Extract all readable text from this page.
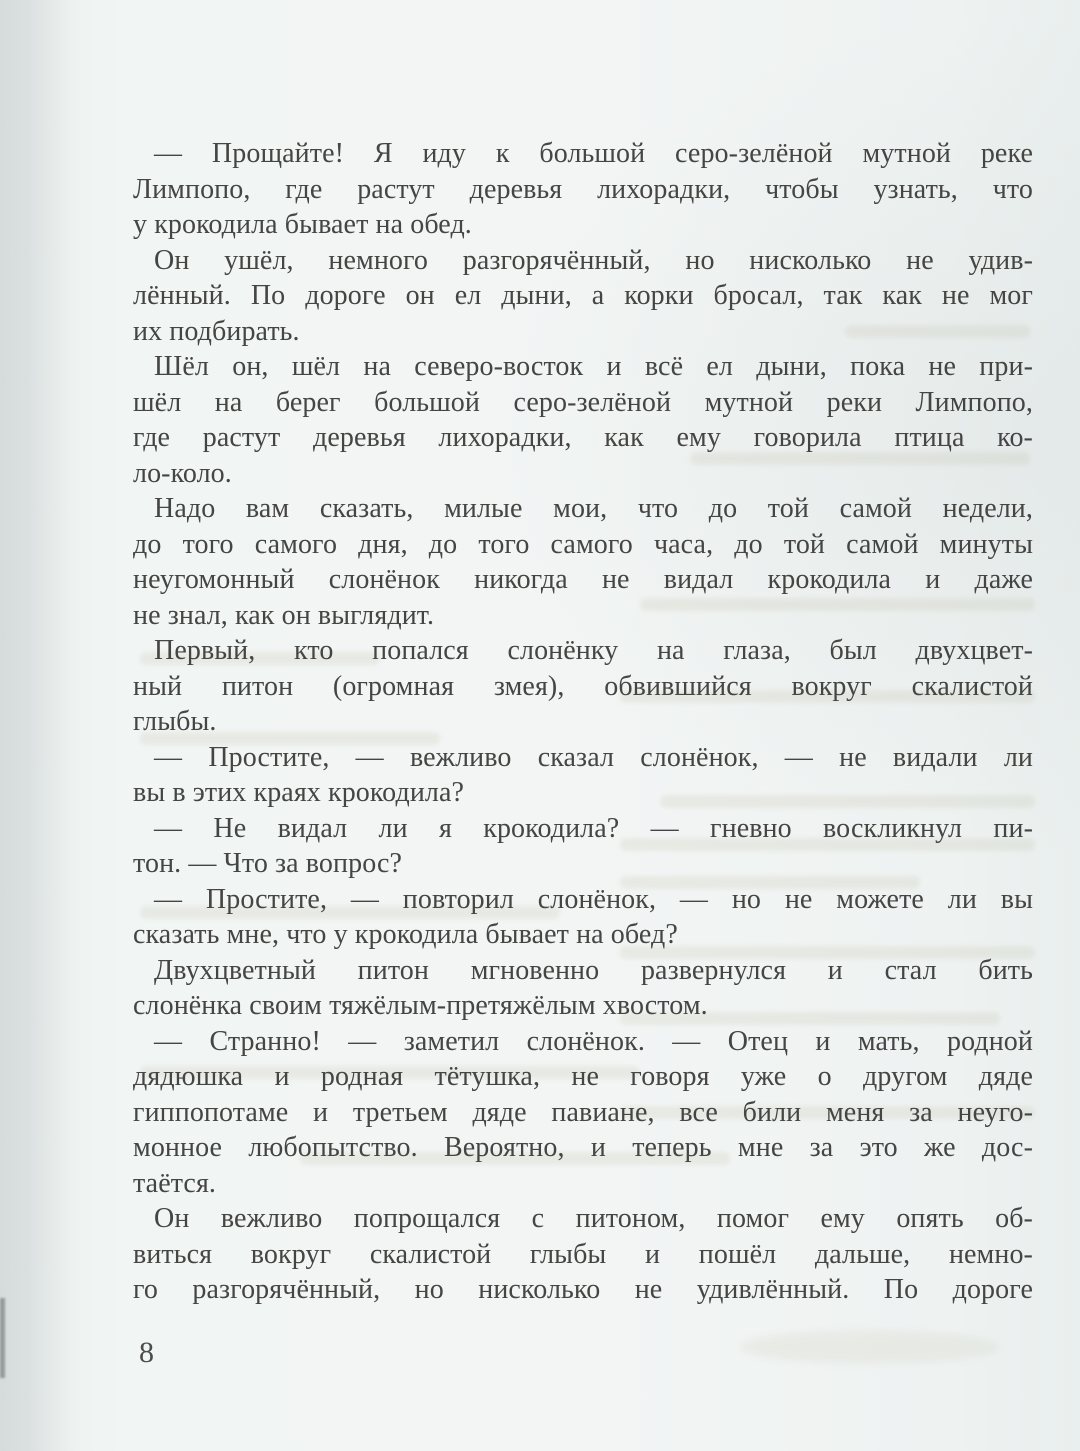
— Прощайте! Я иду к большой серо-зелёной мутной реке
Лимпопо, где растут деревья лихорадки, чтобы узнать, что
у крокодила бывает на обед.
Он ушёл, немного разгорячённый, но нисколько не удив-
лённый. По дороге он ел дыни, а корки бросал, так как не мог
их подбирать.
Шёл он, шёл на северо-восток и всё ел дыни, пока не при-
шёл на берег большой серо-зелёной мутной реки Лимпопо,
где растут деревья лихорадки, как ему говорила птица ко-
ло-коло.
Надо вам сказать, милые мои, что до той самой недели,
до того самого дня, до того самого часа, до той самой минуты
неугомонный слонёнок никогда не видал крокодила и даже
не знал, как он выглядит.
Первый, кто попался слонёнку на глаза, был двухцвет-
ный питон (огромная змея), обвившийся вокруг скалистой
глыбы.
— Простите, — вежливо сказал слонёнок, — не видали ли
вы в этих краях крокодила?
— Не видал ли я крокодила? — гневно воскликнул пи-
тон. — Что за вопрос?
— Простите, — повторил слонёнок, — но не можете ли вы
сказать мне, что у крокодила бывает на обед?
Двухцветный питон мгновенно развернулся и стал бить
слонёнка своим тяжёлым-претяжёлым хвостом.
— Странно! — заметил слонёнок. — Отец и мать, родной
дядюшка и родная тётушка, не говоря уже о другом дяде
гиппопотаме и третьем дяде павиане, все били меня за неуго-
монное любопытство. Вероятно, и теперь мне за это же дос-
таётся.
Он вежливо попрощался с питоном, помог ему опять об-
виться вокруг скалистой глыбы и пошёл дальше, немно-
го разгорячённый, но нисколько не удивлённый. По дороге
8
